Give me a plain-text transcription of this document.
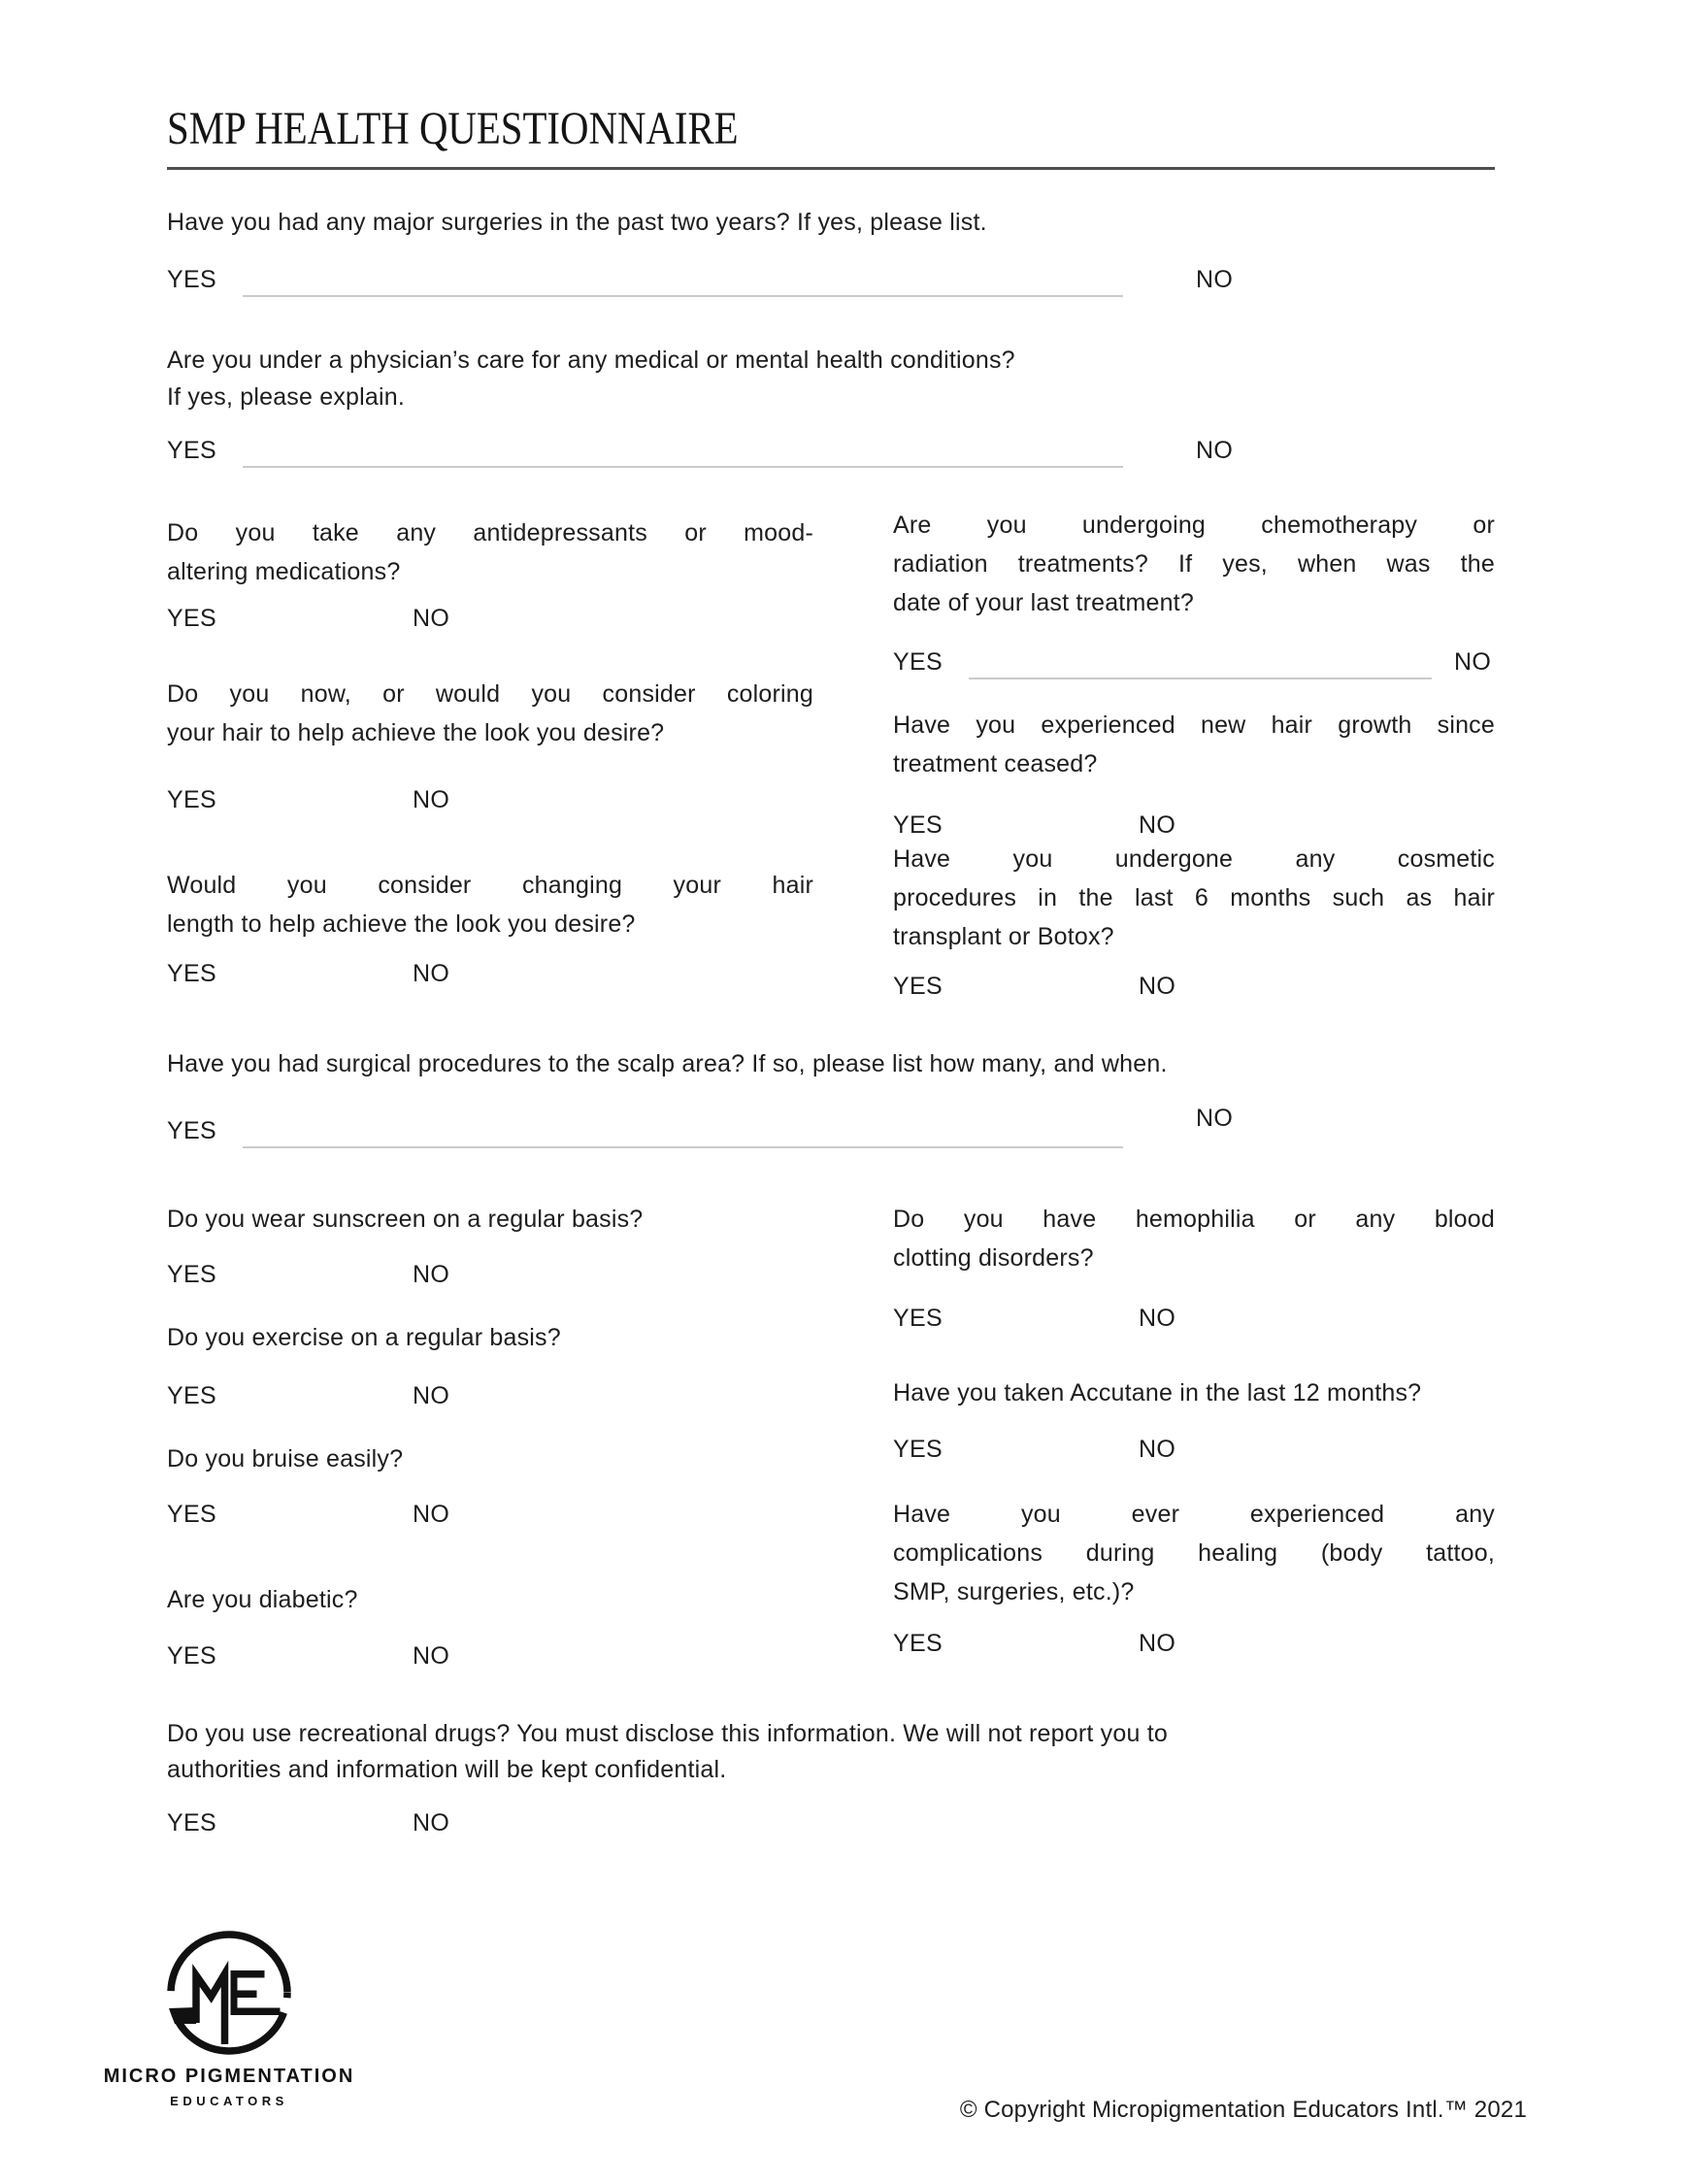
SMP HEALTH QUESTIONNAIRE
Have you had any major surgeries in the past two years? If yes, please list.
YES	NO
Are you under a physician’s care for any medical or mental health conditions?
If yes, please explain.
YES	NO
Do you take any antidepressants or mood-
altering medications?
YES	NO
Do you now, or would you consider coloring
your hair to help achieve the look you desire?
YES	NO
Would you consider changing your hair
length to help achieve the look you desire?
YES	NO
Are you undergoing chemotherapy or
radiation treatments? If yes, when was the
date of your last treatment?
YES	NO
Have you experienced new hair growth since
treatment ceased?
YES	NO
Have you undergone any cosmetic
procedures in the last 6 months such as hair
transplant or Botox?
YES	NO
Have you had surgical procedures to the scalp area? If so, please list how many, and when.
YES	NO
Do you wear sunscreen on a regular basis?
YES	NO
Do you exercise on a regular basis?
YES	NO
Do you bruise easily?
YES	NO
Are you diabetic?
YES	NO
Do you have hemophilia or any blood
clotting disorders?
YES	NO
Have you taken Accutane in the last 12 months?
YES	NO
Have you ever experienced any
complications during healing (body tattoo,
SMP, surgeries, etc.)?
YES	NO
Do you use recreational drugs? You must disclose this information. We will not report you to
authorities and information will be kept confidential.
YES	NO
MICRO PIGMENTATION
EDUCATORS	© Copyright Micropigmentation Educators Intl.™ 2021
